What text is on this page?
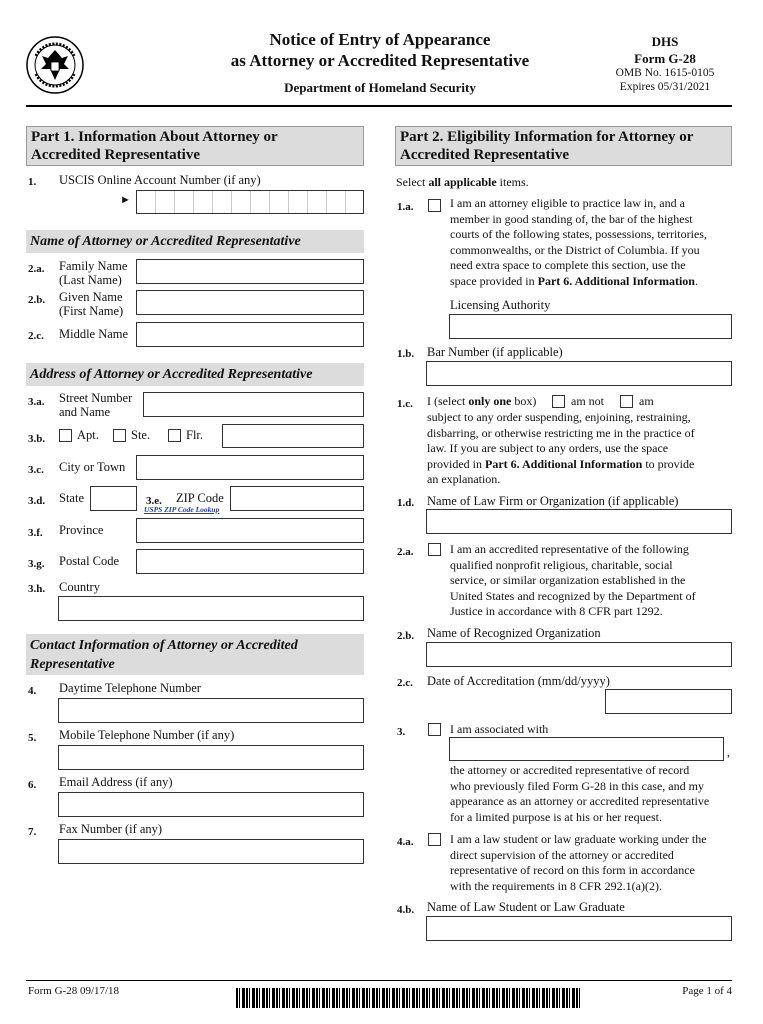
Notice of Entry of Appearance
as Attorney or Accredited Representative
Department of Homeland Security
DHS
Form G-28
OMB No. 1615-0105
Expires 05/31/2021
Part 1. Information About Attorney or
Accredited Representative
1. USCIS Online Account Number (if any)
►
Name of Attorney or Accredited Representative
2.a. Family Name
(Last Name)
2.b. Given Name
(First Name)
2.c. Middle Name
Address of Attorney or Accredited Representative
3.a. Street Number
and Name
3.b.	Apt.	Ste.	Flr.
3.c. City or Town
3.d. State	3.e. ZIP Code
USPS ZIP Code Lookup
3.f. Province
3.g. Postal Code
3.h. Country
Contact Information of Attorney or Accredited
Representative
4. Daytime Telephone Number
5. Mobile Telephone Number (if any)
6. Email Address (if any)
7. Fax Number (if any)
Part 2. Eligibility Information for Attorney or
Accredited Representative
Select all applicable items.
1.a.	I am an attorney eligible to practice law in, and a
member in good standing of, the bar of the highest
courts of the following states, possessions, territories,
commonwealths, or the District of Columbia. If you
need extra space to complete this section, use the
space provided in Part 6. Additional Information.
Licensing Authority
1.b. Bar Number (if applicable)
1.c. I (select only one box)	am not	am
subject to any order suspending, enjoining, restraining,
disbarring, or otherwise restricting me in the practice of
law. If you are subject to any orders, use the space
provided in Part 6. Additional Information to provide
an explanation.
1.d. Name of Law Firm or Organization (if applicable)
2.a.	I am an accredited representative of the following
qualified nonprofit religious, charitable, social
service, or similar organization established in the
United States and recognized by the Department of
Justice in accordance with 8 CFR part 1292.
2.b. Name of Recognized Organization
2.c. Date of Accreditation (mm/dd/yyyy)
3.	I am associated with
,
the attorney or accredited representative of record
who previously filed Form G-28 in this case, and my
appearance as an attorney or accredited representative
for a limited purpose is at his or her request.
4.a.	I am a law student or law graduate working under the
direct supervision of the attorney or accredited
representative of record on this form in accordance
with the requirements in 8 CFR 292.1(a)(2).
4.b. Name of Law Student or Law Graduate
Form G-28 09/17/18	Page 1 of 4
